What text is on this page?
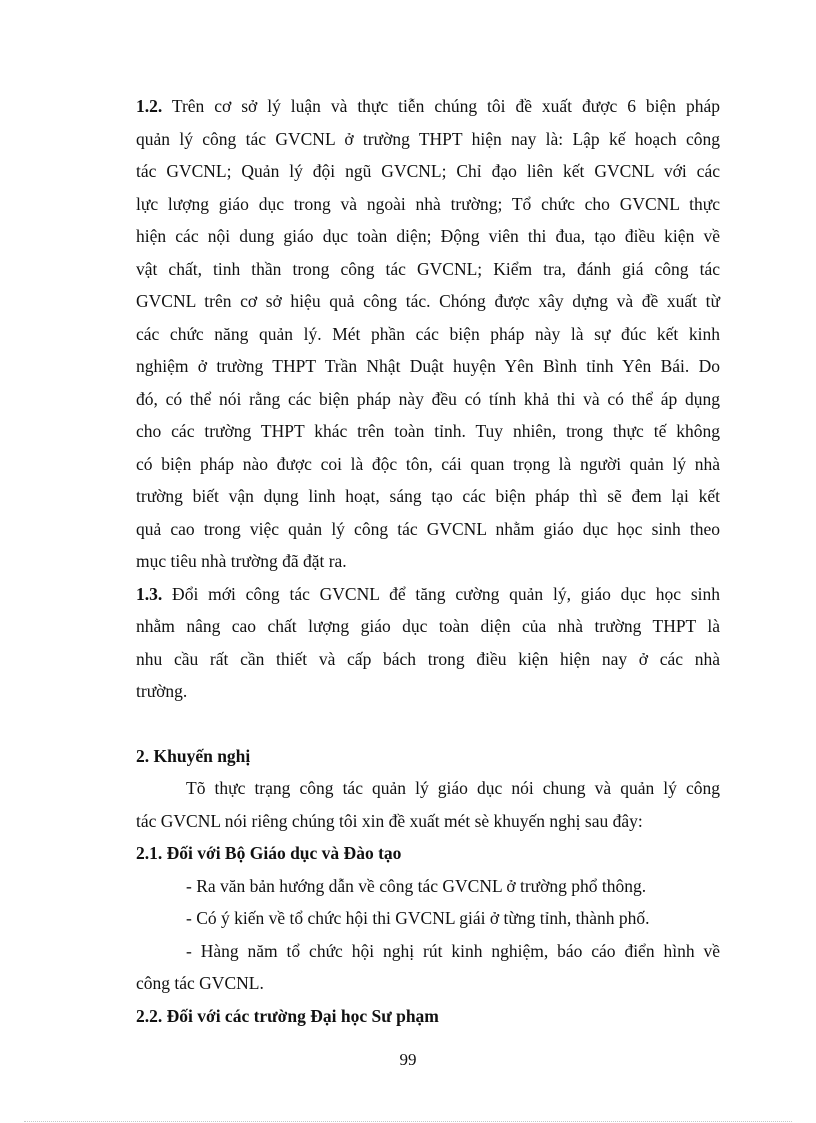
1.2. Trên cơ sở lý luận và thực tiễn chúng tôi đề xuất được 6 biện pháp
quản lý công tác GVCNL ở trường THPT hiện nay là: Lập kế hoạch công
tác GVCNL; Quản lý đội ngũ GVCNL; Chỉ đạo liên kết GVCNL với các
lực lượng giáo dục trong và ngoài nhà trường; Tổ chức cho GVCNL thực
hiện các nội dung giáo dục toàn diện; Động viên thi đua, tạo điều kiện về
vật chất, tinh thần trong công tác GVCNL; Kiểm tra, đánh giá công tác
GVCNL trên cơ sở hiệu quả công tác. Chóng được xây dựng và đề xuất từ
các chức năng quản lý. Mét phần các biện pháp này là sự đúc kết kinh
nghiệm ở trường THPT Trần Nhật Duật huyện Yên Bình tỉnh Yên Bái. Do
đó, có thể nói rằng các biện pháp này đều có tính khả thi và có thể áp dụng
cho các trường THPT khác trên toàn tỉnh. Tuy nhiên, trong thực tế không
có biện pháp nào được coi là độc tôn, cái quan trọng là người quản lý nhà
trường biết vận dụng linh hoạt, sáng tạo các biện pháp thì sẽ đem lại kết
quả cao trong việc quản lý công tác GVCNL nhằm giáo dục học sinh theo
mục tiêu nhà trường đã đặt ra.
1.3. Đổi mới công tác GVCNL để tăng cường quản lý, giáo dục học sinh
nhằm nâng cao chất lượng giáo dục toàn diện của nhà trường THPT là
nhu cầu rất cần thiết và cấp bách trong điều kiện hiện nay ở các nhà
trường.
2. Khuyến nghị
Tõ thực trạng công tác quản lý giáo dục nói chung và quản lý công
tác GVCNL nói riêng chúng tôi xin đề xuất mét sè khuyến nghị sau đây:
2.1. Đối với Bộ Giáo dục và Đào tạo
- Ra văn bản hướng dẫn về công tác GVCNL ở trường phổ thông.
- Có ý kiến về tổ chức hội thi GVCNL giái ở từng tỉnh, thành phố.
- Hàng năm tổ chức hội nghị rút kinh nghiệm, báo cáo điển hình về
công tác GVCNL.
2.2. Đối với các trường Đại học Sư phạm
99
